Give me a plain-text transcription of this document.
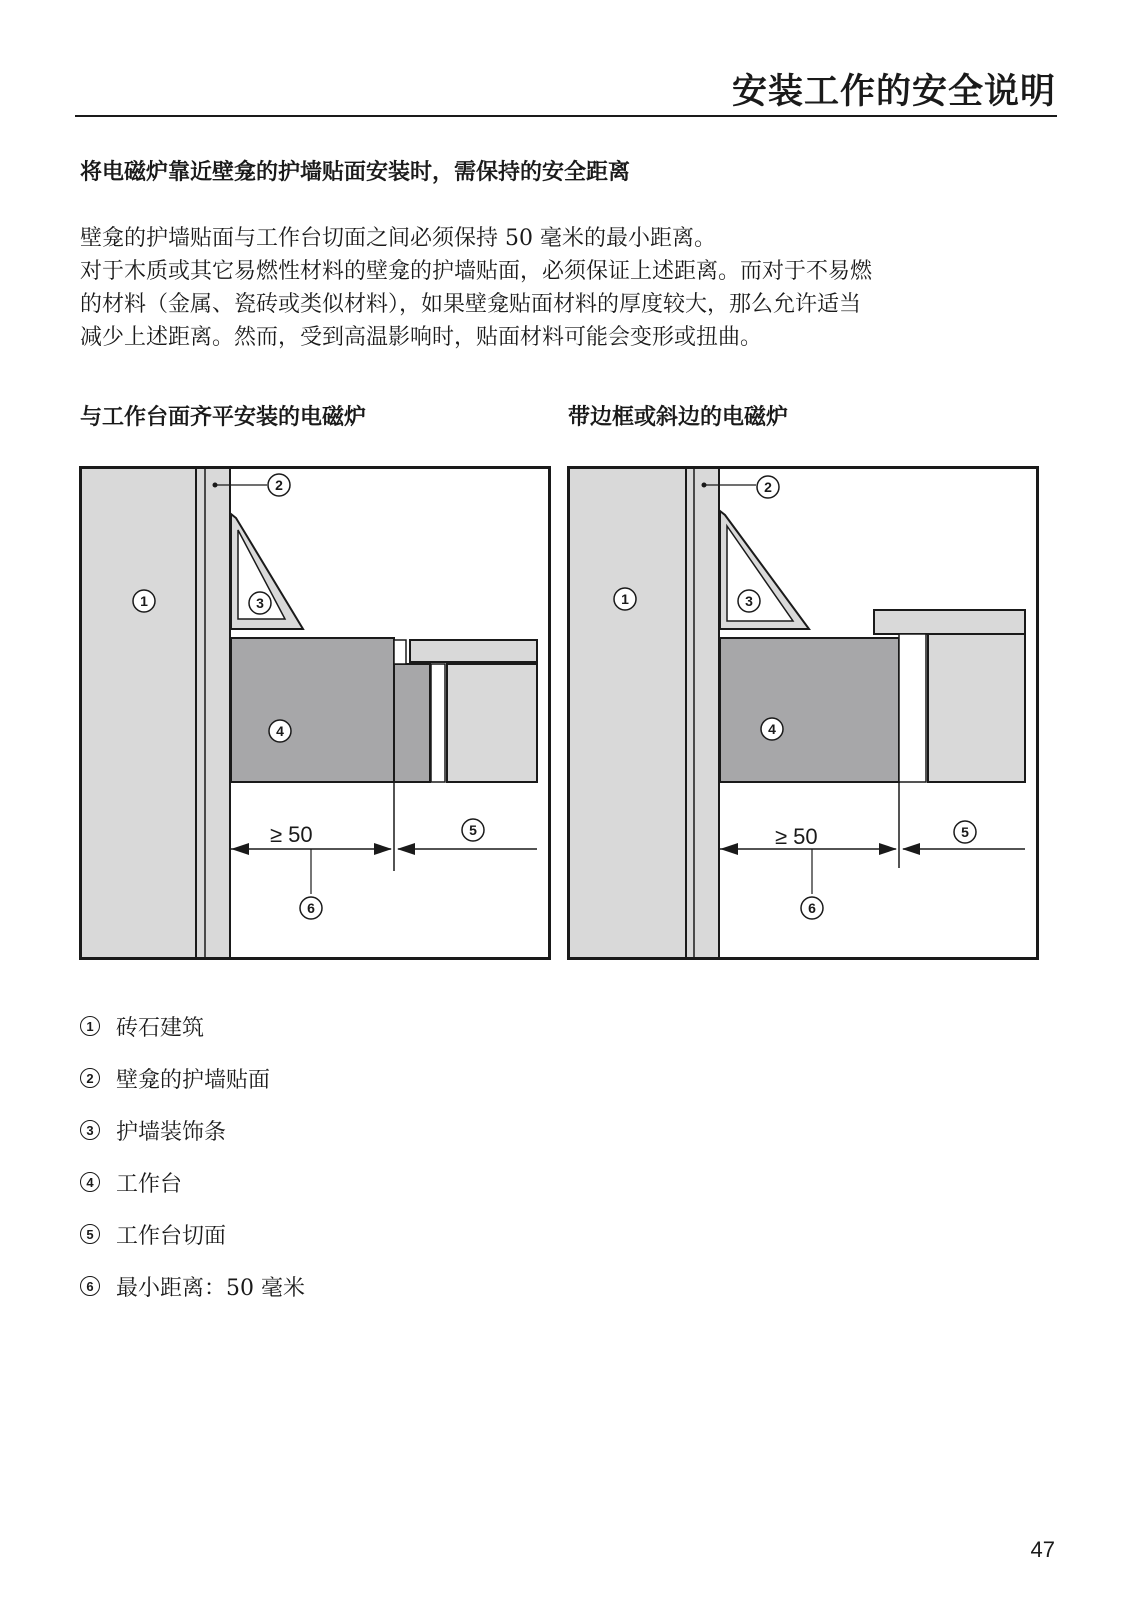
安装工作的安全说明
将电磁炉靠近壁龛的护墙贴面安装时，需保持的安全距离

壁龛的护墙贴面与工作台切面之间必须保持 50 毫米的最小距离。
对于木质或其它易燃性材料的壁龛的护墙贴面，必须保证上述距离。而对于不易燃
的材料（金属、瓷砖或类似材料），如果壁龛贴面材料的厚度较大，那么允许适当
减少上述距离。然而，受到高温影响时，贴面材料可能会变形或扭曲。

与工作台面齐平安装的电磁炉	带边框或斜边的电磁炉
≥ 50
1
2
3
4
5
6
≥ 50
1
2
3
4
5
6
1 砖石建筑
2 壁龛的护墙贴面
3 护墙装饰条
4 工作台
5 工作台切面
6 最小距离：50 毫米
47
